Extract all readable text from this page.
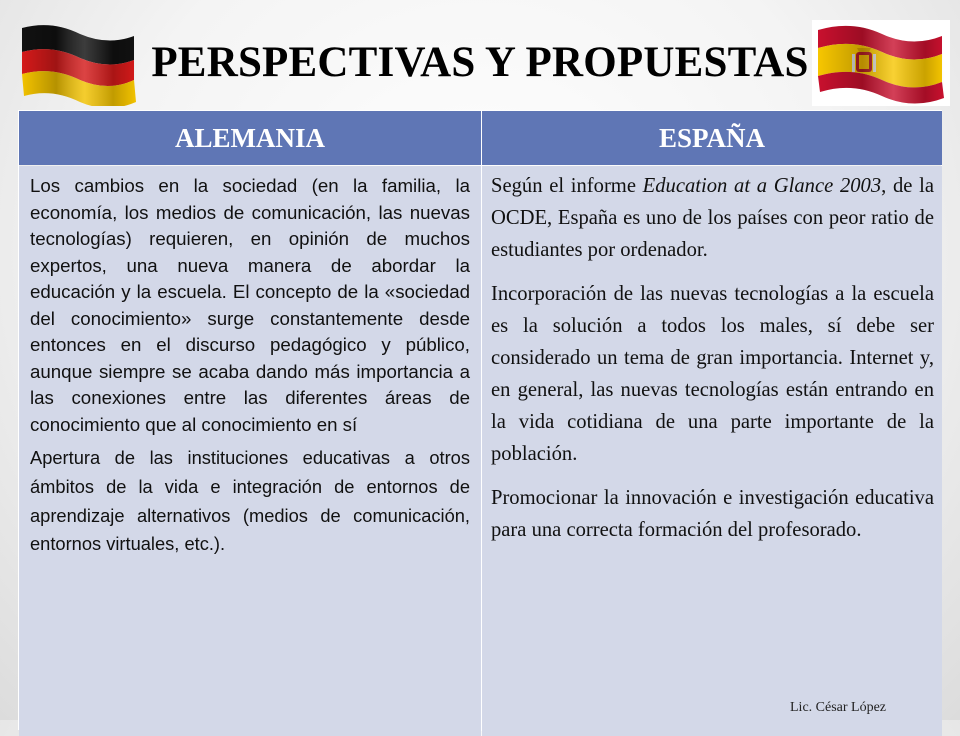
PERSPECTIVAS Y PROPUESTAS
ALEMANIA	ESPAÑA

Los cambios en la sociedad (en la familia, la economía, los medios de comunicación, las nuevas tecnologías) requieren, en opinión de muchos expertos, una nueva manera de abordar la educación y la escuela. El concepto de la «sociedad del conocimiento» surge constantemente desde entonces en el discurso pedagógico y público, aunque siempre se acaba dando más importancia a las conexiones entre las diferentes áreas de conocimiento que al conocimiento en sí

Apertura de las instituciones educativas a otros ámbitos de la vida e integración de entornos de aprendizaje alternativos (medios de comunicación, entornos virtuales, etc.).

Según el informe Education at a Glance 2003, de la OCDE, España es uno de los países con peor ratio de estudiantes por ordenador.

Incorporación de las nuevas tecnologías a la escuela es la solución a todos los males, sí debe ser considerado un tema de gran importancia. Internet y, en general, las nuevas tecnologías están entrando en la vida cotidiana de una parte importante de la población.

Promocionar la innovación e investigación educativa para una correcta formación del profesorado.

Lic. César López
